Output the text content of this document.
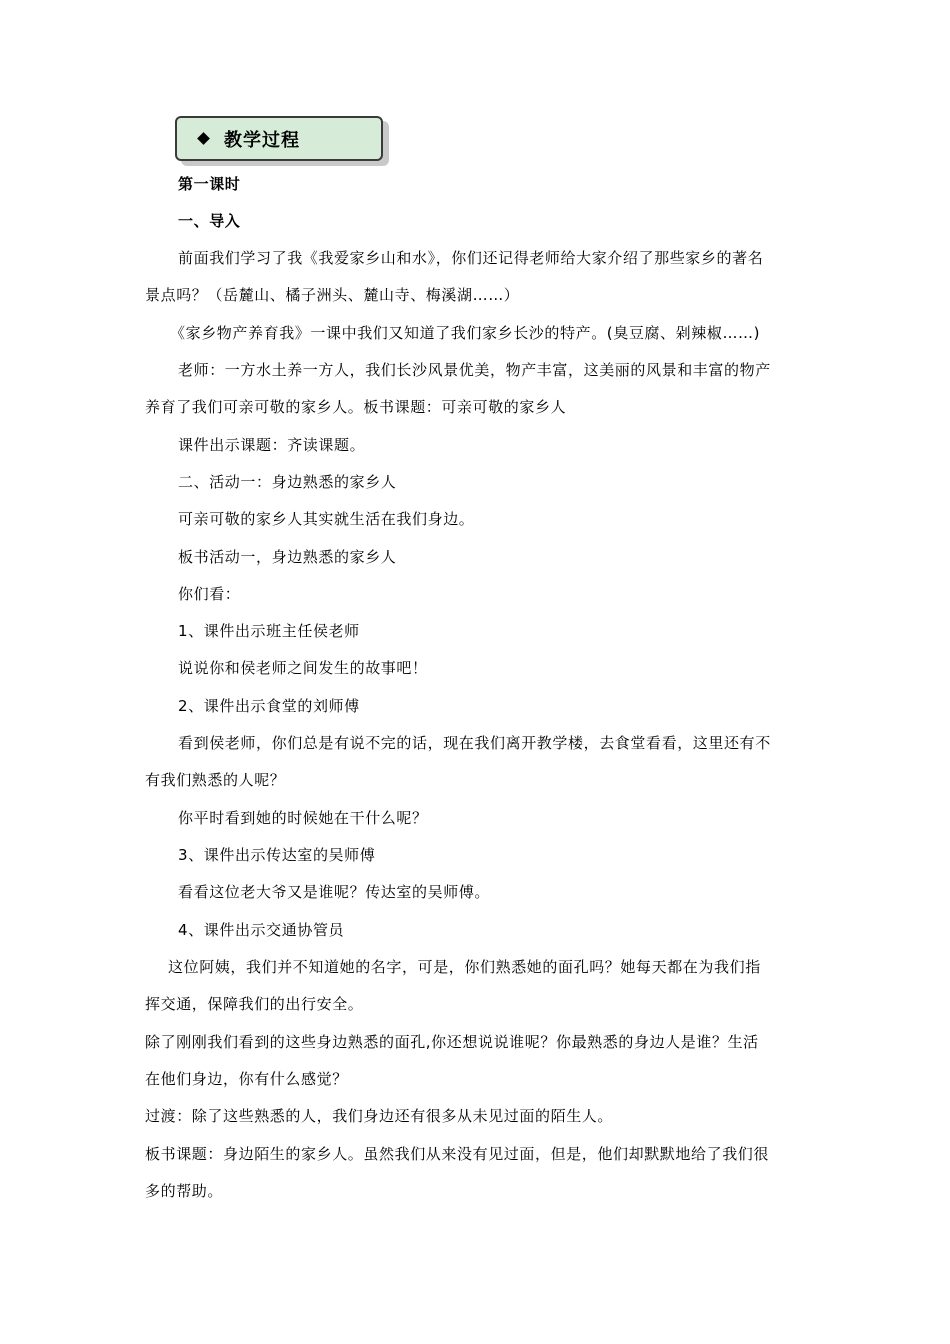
教学过程
第一课时
一、导入
前面我们学习了我《我爱家乡山和水》，你们还记得老师给大家介绍了那些家乡的著名
景点吗？（岳麓山、橘子洲头、麓山寺、梅溪湖……）
《家乡物产养育我》一课中我们又知道了我们家乡长沙的特产。(臭豆腐、剁辣椒……)
老师：一方水土养一方人，我们长沙风景优美，物产丰富，这美丽的风景和丰富的物产
养育了我们可亲可敬的家乡人。板书课题：可亲可敬的家乡人
课件出示课题：齐读课题。
二、活动一：身边熟悉的家乡人
可亲可敬的家乡人其实就生活在我们身边。
板书活动一，身边熟悉的家乡人
你们看：
1、课件出示班主任侯老师
说说你和侯老师之间发生的故事吧！
2、课件出示食堂的刘师傅
看到侯老师，你们总是有说不完的话，现在我们离开教学楼，去食堂看看，这里还有不
有我们熟悉的人呢？
你平时看到她的时候她在干什么呢？
3、课件出示传达室的吴师傅
看看这位老大爷又是谁呢？传达室的吴师傅。
4、课件出示交通协管员
这位阿姨，我们并不知道她的名字，可是，你们熟悉她的面孔吗？她每天都在为我们指
挥交通，保障我们的出行安全。
除了刚刚我们看到的这些身边熟悉的面孔,你还想说说谁呢？你最熟悉的身边人是谁？生活
在他们身边，你有什么感觉？
过渡：除了这些熟悉的人，我们身边还有很多从未见过面的陌生人。
板书课题：身边陌生的家乡人。虽然我们从来没有见过面，但是，他们却默默地给了我们很
多的帮助。
